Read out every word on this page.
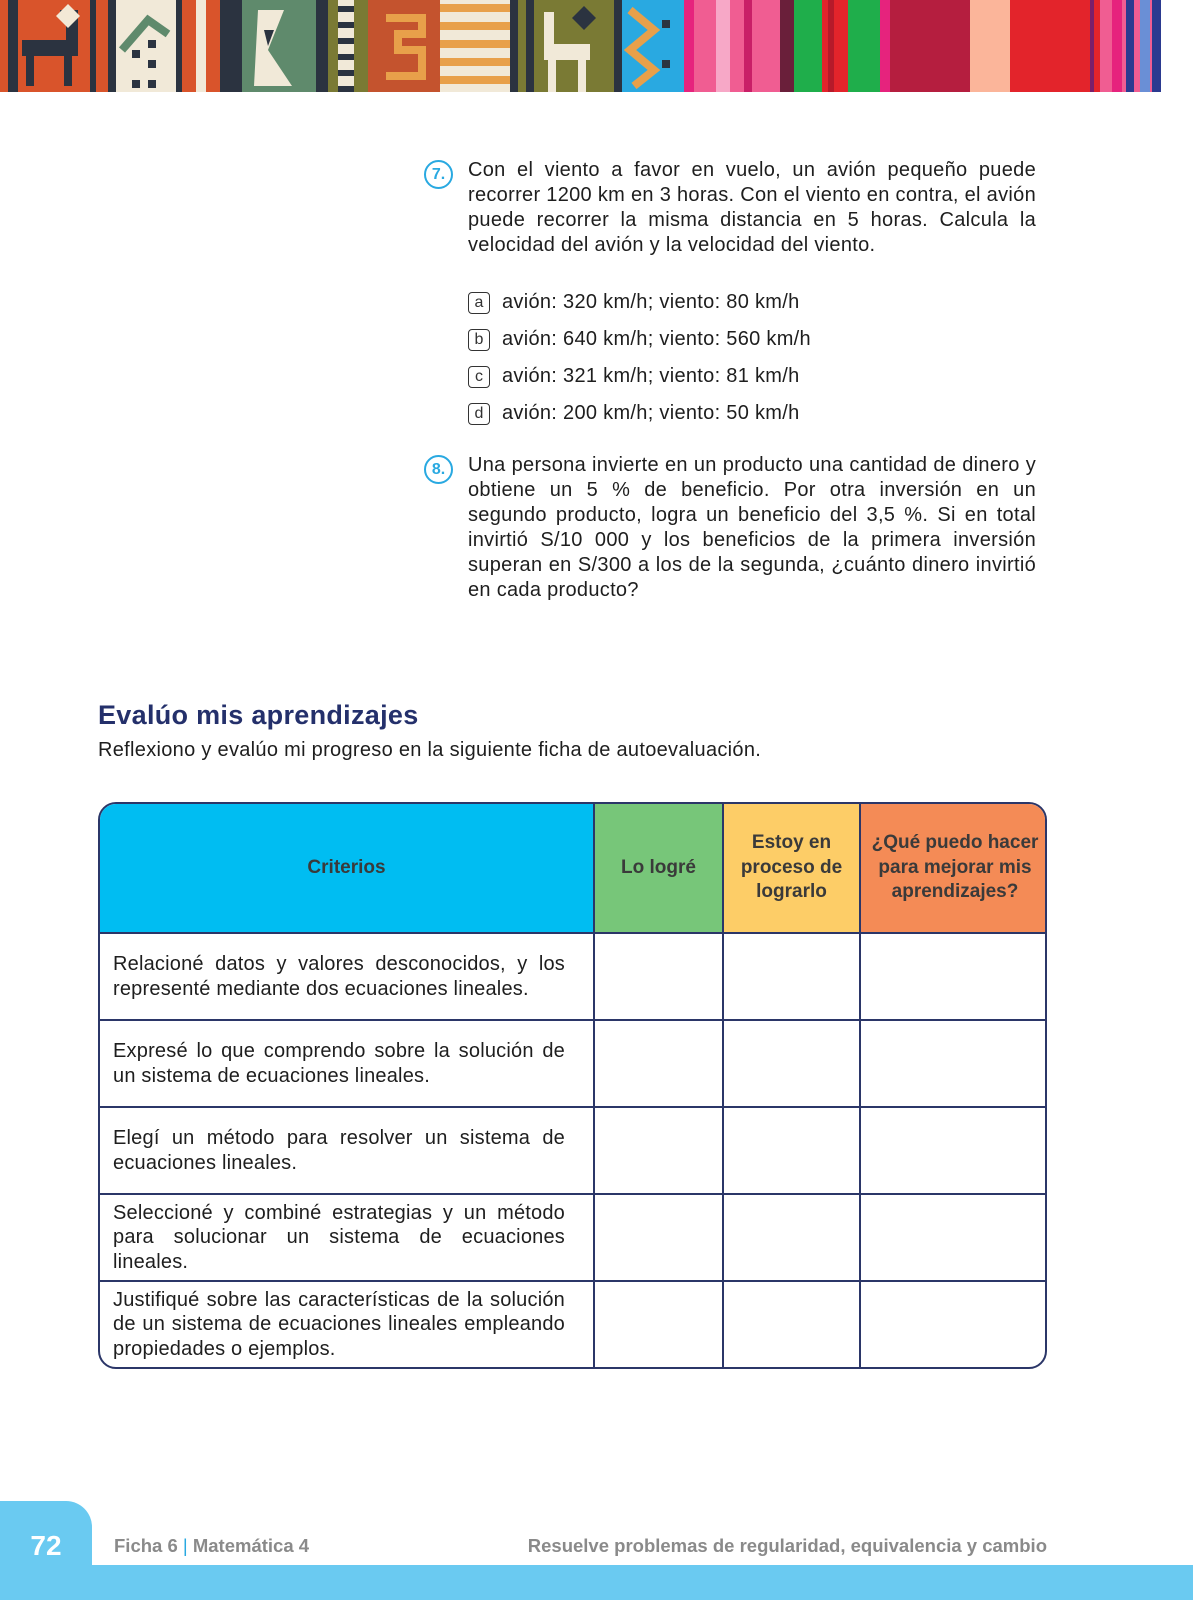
7.	Con el viento a favor en vuelo, un avión pequeño puede recorrer 1200 km en 3 horas. Con el viento en contra, el avión puede recorrer la misma distancia en 5 horas. Calcula la velocidad del avión y la velocidad del viento.
a avión: 320 km/h; viento: 80 km/h
b avión: 640 km/h; viento: 560 km/h
c avión: 321 km/h; viento: 81 km/h
d avión: 200 km/h; viento: 50 km/h
8.	Una persona invierte en un producto una cantidad de dinero y obtiene un 5 % de beneficio. Por otra inversión en un segundo producto, logra un beneficio del 3,5 %. Si en total invirtió S/10 000 y los beneficios de la primera inversión superan en S/300 a los de la segunda, ¿cuánto dinero invirtió en cada producto?
Evalúo mis aprendizajes

Reflexiono y evalúo mi progreso en la siguiente ficha de autoevaluación.

Criterios	Lo logré	Estoy en proceso de lograrlo	¿Qué puedo hacer para mejorar mis aprendizajes?
Relacioné datos y valores desconocidos, y los representé mediante dos ecuaciones lineales.			
Expresé lo que comprendo sobre la solución de un sistema de ecuaciones lineales.			
Elegí un método para resolver un sistema de ecuaciones lineales.			
Seleccioné y combiné estrategias y un método para solucionar un sistema de ecuaciones lineales.			
Justifiqué sobre las características de la solución de un sistema de ecuaciones lineales empleando propiedades o ejemplos.			
72	Ficha 6 | Matemática 4	Resuelve problemas de regularidad, equivalencia y cambio
